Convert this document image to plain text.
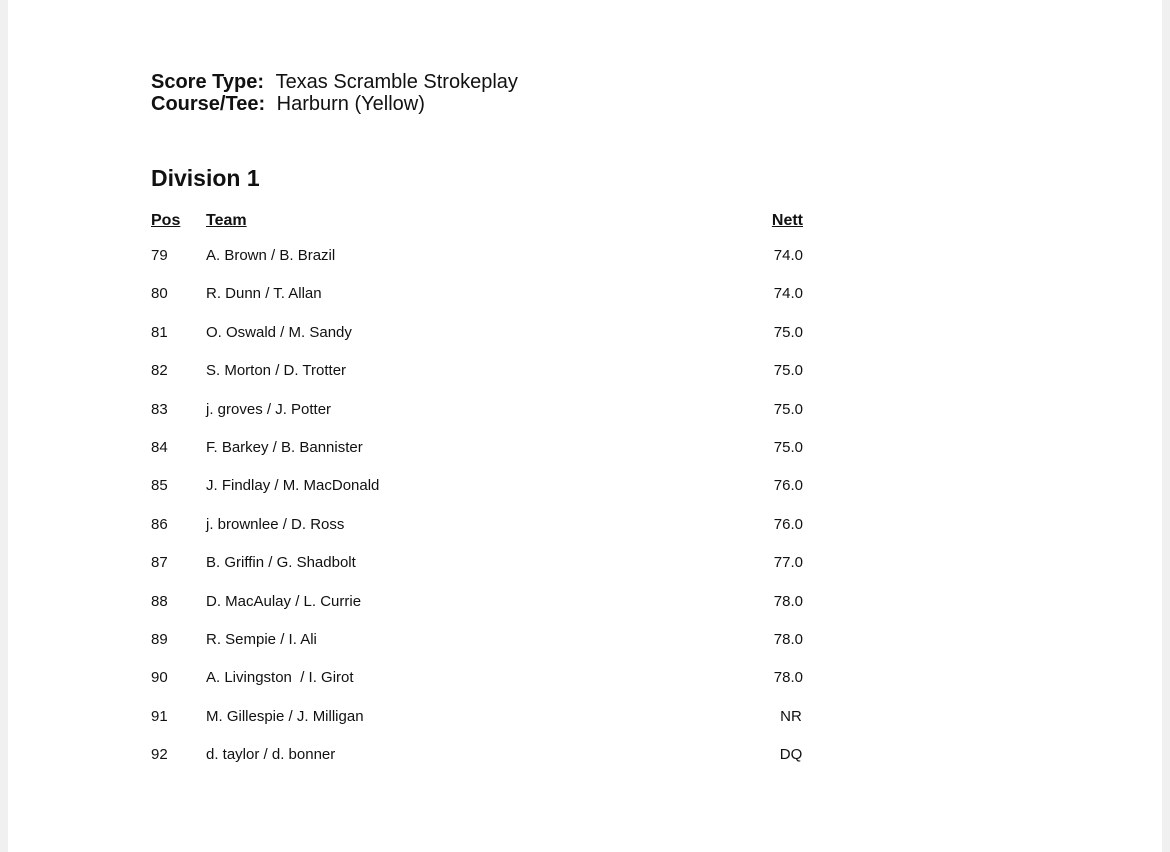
Score Type: Texas Scramble Strokeplay
Course/Tee: Harburn (Yellow)
Division 1
Pos Team	Nett
79	A. Brown / B. Brazil	74.0
80	R. Dunn / T. Allan	74.0
81	O. Oswald / M. Sandy	75.0
82	S. Morton / D. Trotter	75.0
83	j. groves / J. Potter	75.0
84	F. Barkey / B. Bannister	75.0
85	J. Findlay / M. MacDonald	76.0
86	j. brownlee / D. Ross	76.0
87	B. Griffin / G. Shadbolt	77.0
88	D. MacAulay / L. Currie	78.0
89	R. Sempie / I. Ali	78.0
90	A. Livingston  / I. Girot	78.0
91	M. Gillespie / J. Milligan	NR
92	d. taylor / d. bonner	DQ
